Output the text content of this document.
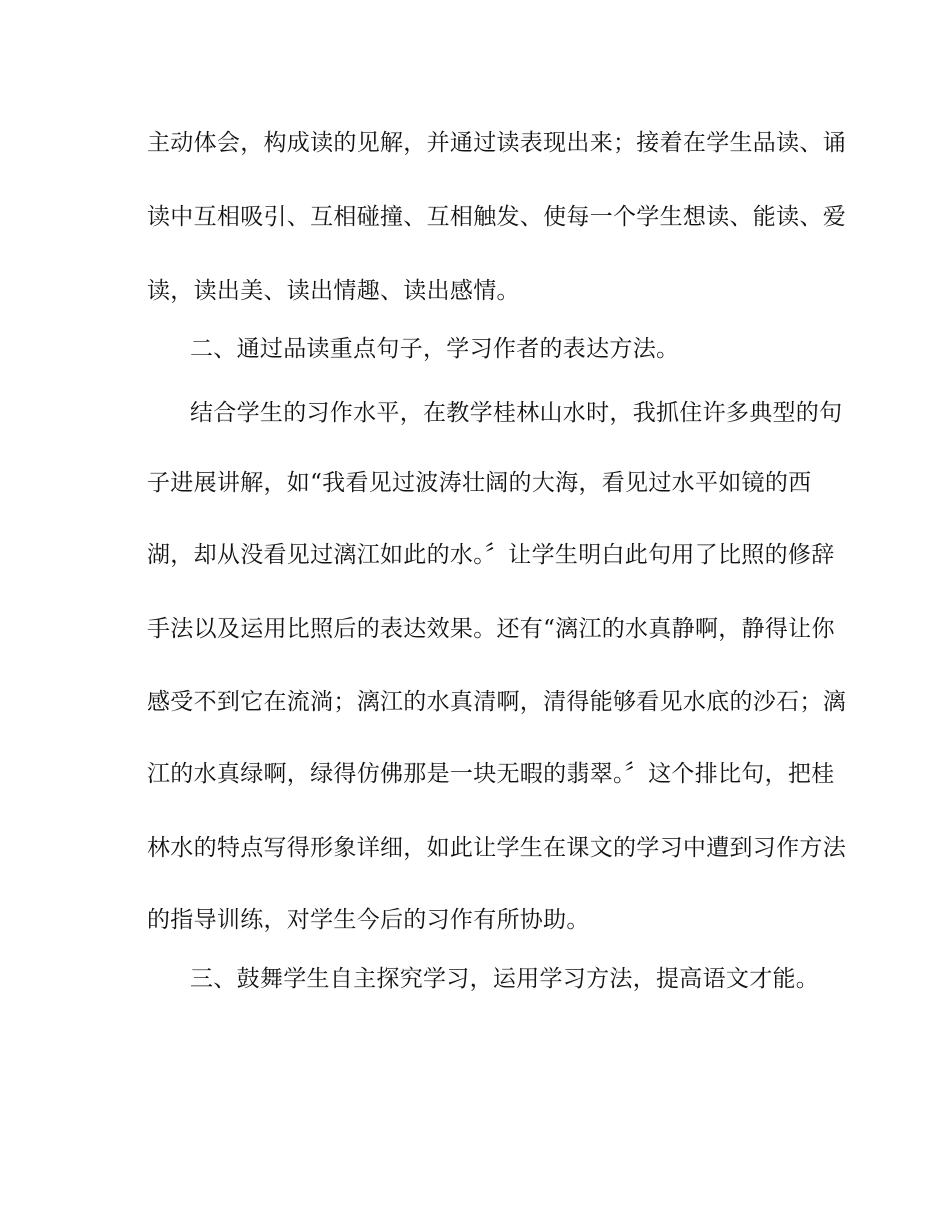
主动体会，构成读的见解，并通过读表现出来；接着在学生品读、诵
读中互相吸引、互相碰撞、互相触发、使每一个学生想读、能读、爱
读，读出美、读出情趣、读出感情。
二、通过品读重点句子，学习作者的表达方法。
结合学生的习作水平，在教学桂林山水时，我抓住许多典型的句
子进展讲解，如“我看见过波涛壮阔的大海，看见过水平如镜的西
湖，却从没看见过漓江如此的水。〞让学生明白此句用了比照的修辞
手法以及运用比照后的表达效果。还有“漓江的水真静啊，静得让你
感受不到它在流淌；漓江的水真清啊，清得能够看见水底的沙石；漓
江的水真绿啊，绿得仿佛那是一块无暇的翡翠。〞这个排比句，把桂
林水的特点写得形象详细，如此让学生在课文的学习中遭到习作方法
的指导训练，对学生今后的习作有所协助。
三、鼓舞学生自主探究学习，运用学习方法，提高语文才能。
